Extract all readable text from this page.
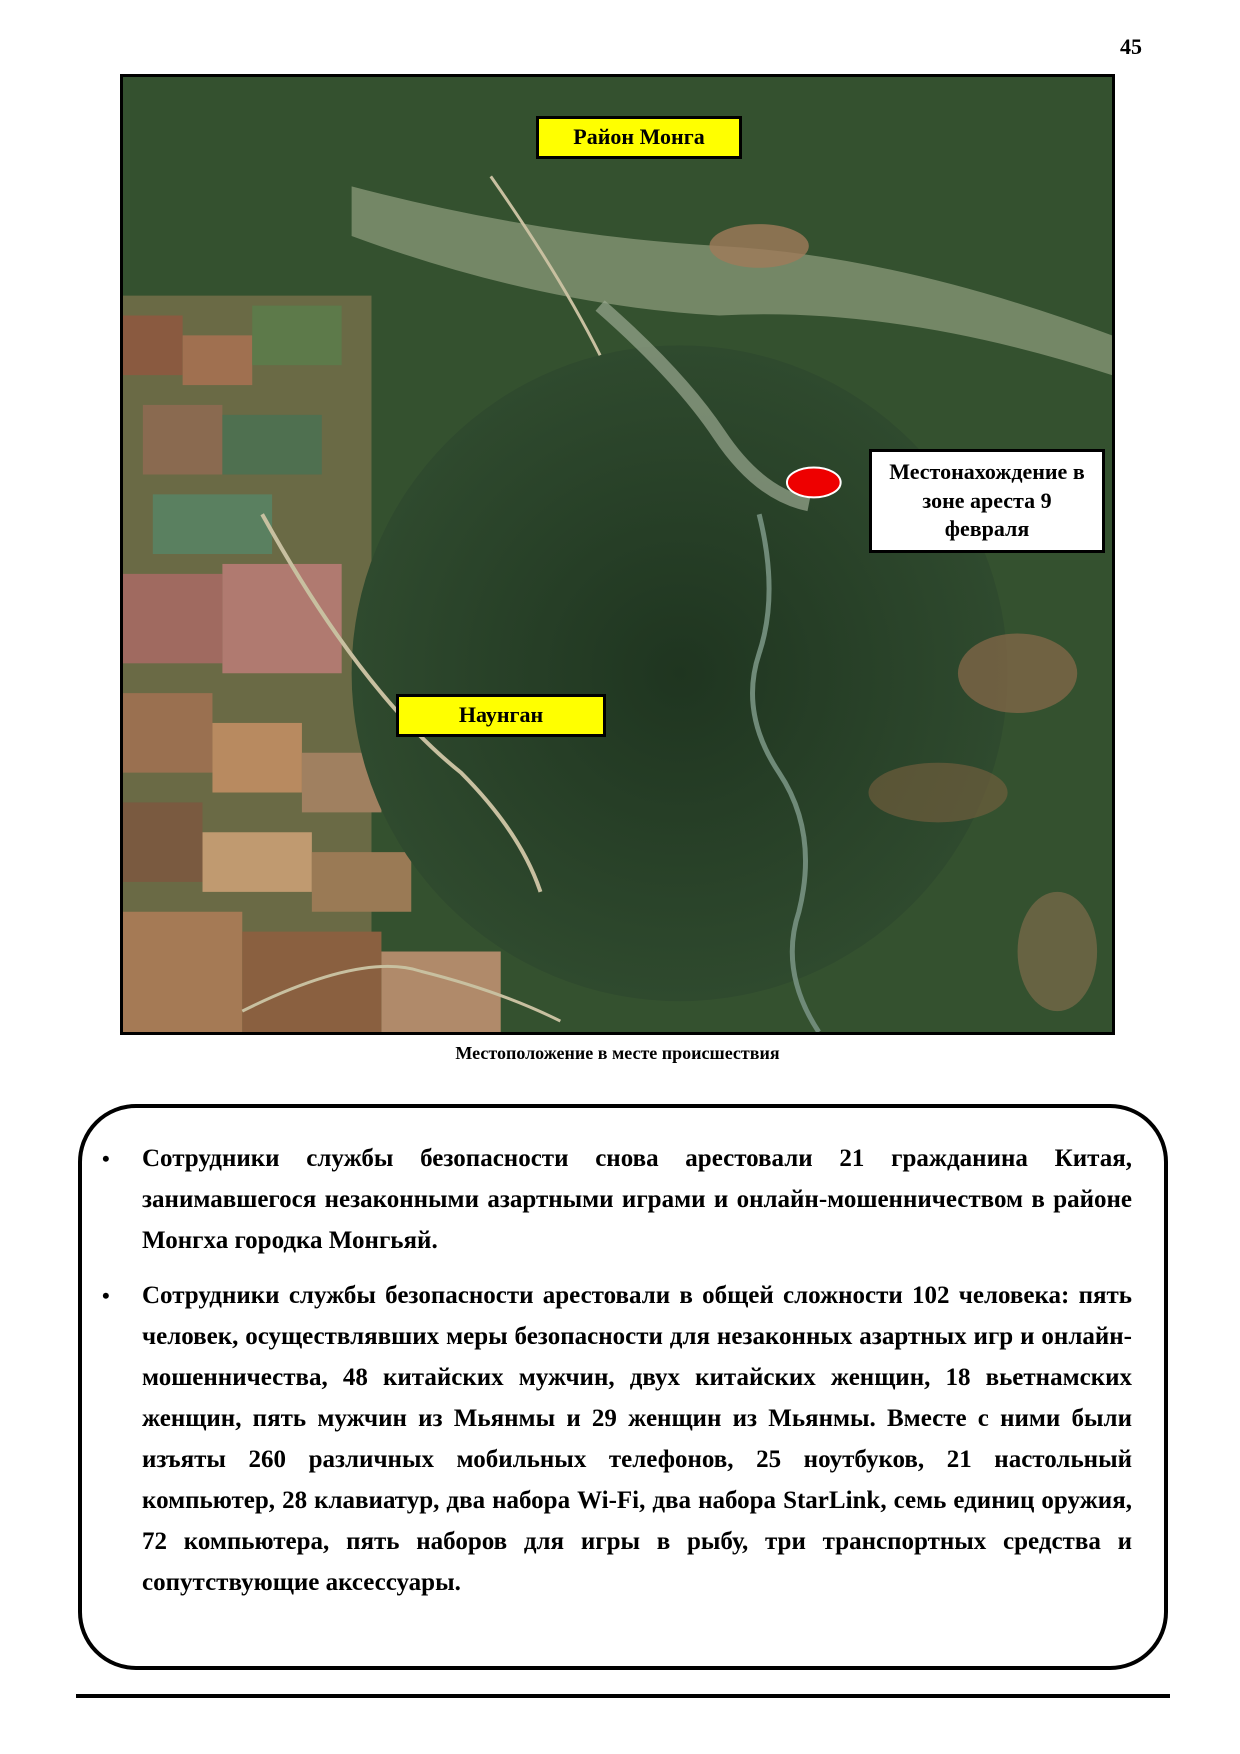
45
Район Монга
Наунган
Местонахождение в зоне ареста 9 февраля
Местоположение в месте происшествия
• Сотрудники службы безопасности снова арестовали 21 гражданина Китая, занимавшегося незаконными азартными играми и онлайн-мошенничеством в районе Монгха городка Монгьяй.
• Сотрудники службы безопасности арестовали в общей сложности 102 человека: пять человек, осуществлявших меры безопасности для незаконных азартных игр и онлайн-мошенничества, 48 китайских мужчин, двух китайских женщин, 18 вьетнамских женщин, пять мужчин из Мьянмы и 29 женщин из Мьянмы. Вместе с ними были изъяты 260 различных мобильных телефонов, 25 ноутбуков, 21 настольный компьютер, 28 клавиатур, два набора Wi-Fi, два набора StarLink, семь единиц оружия, 72 компьютера, пять наборов для игры в рыбу, три транспортных средства и сопутствующие аксессуары.
